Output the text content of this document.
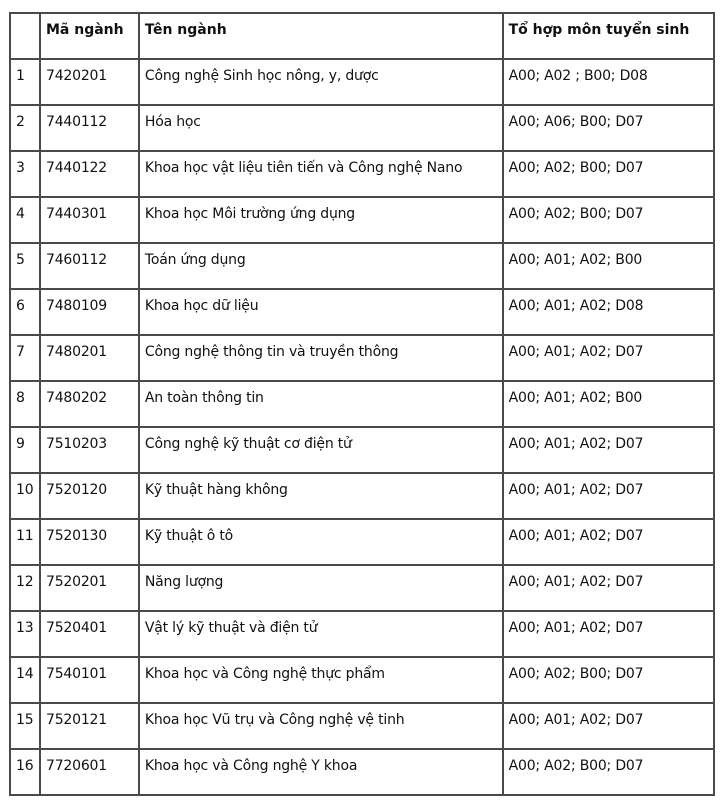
	Mã ngành	Tên ngành	Tổ hợp môn tuyển sinh
1	7420201	Công nghệ Sinh học nông, y, dược	A00; A02 ; B00; D08
2	7440112	Hóa học	A00; A06; B00; D07
3	7440122	Khoa học vật liệu tiên tiến và Công nghệ Nano	A00; A02; B00; D07
4	7440301	Khoa học Môi trường ứng dụng	A00; A02; B00; D07
5	7460112	Toán ứng dụng	A00; A01; A02; B00
6	7480109	Khoa học dữ liệu	A00; A01; A02; D08
7	7480201	Công nghệ thông tin và truyền thông	A00; A01; A02; D07
8	7480202	An toàn thông tin	A00; A01; A02; B00
9	7510203	Công nghệ kỹ thuật cơ điện tử	A00; A01; A02; D07
10	7520120	Kỹ thuật hàng không	A00; A01; A02; D07
11	7520130	Kỹ thuật ô tô	A00; A01; A02; D07
12	7520201	Năng lượng	A00; A01; A02; D07
13	7520401	Vật lý kỹ thuật và điện tử	A00; A01; A02; D07
14	7540101	Khoa học và Công nghệ thực phẩm	A00; A02; B00; D07
15	7520121	Khoa học Vũ trụ và Công nghệ vệ tinh	A00; A01; A02; D07
16	7720601	Khoa học và Công nghệ Y khoa	A00; A02; B00; D07
